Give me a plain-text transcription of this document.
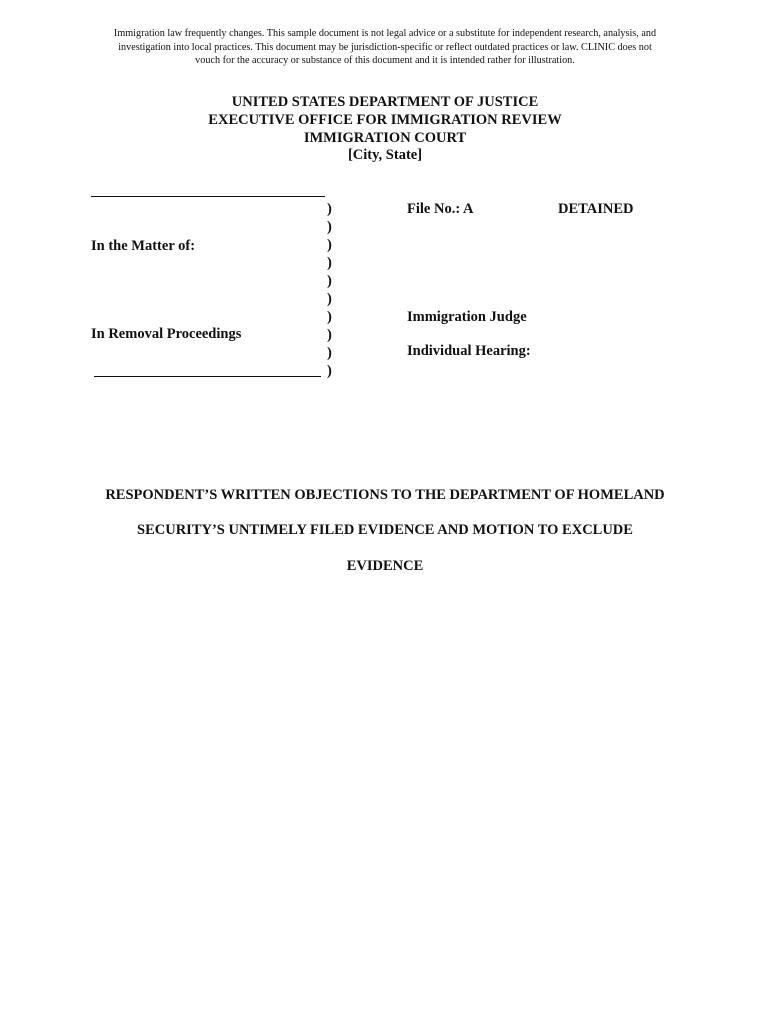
Immigration law frequently changes. This sample document is not legal advice or a substitute for independent research, analysis, and
investigation into local practices. This document may be jurisdiction-specific or reflect outdated practices or law. CLINIC does not
vouch for the accuracy or substance of this document and it is intended rather for illustration.
UNITED STATES DEPARTMENT OF JUSTICE
EXECUTIVE OFFICE FOR IMMIGRATION REVIEW
IMMIGRATION COURT
[City, State]
)
)
)
)
)
)
)
)
)
)
In the Matter of:
In Removal Proceedings
File No.: A	DETAINED
Immigration Judge
Individual Hearing:
RESPONDENT’S WRITTEN OBJECTIONS TO THE DEPARTMENT OF HOMELAND
SECURITY’S UNTIMELY FILED EVIDENCE AND MOTION TO EXCLUDE
EVIDENCE
